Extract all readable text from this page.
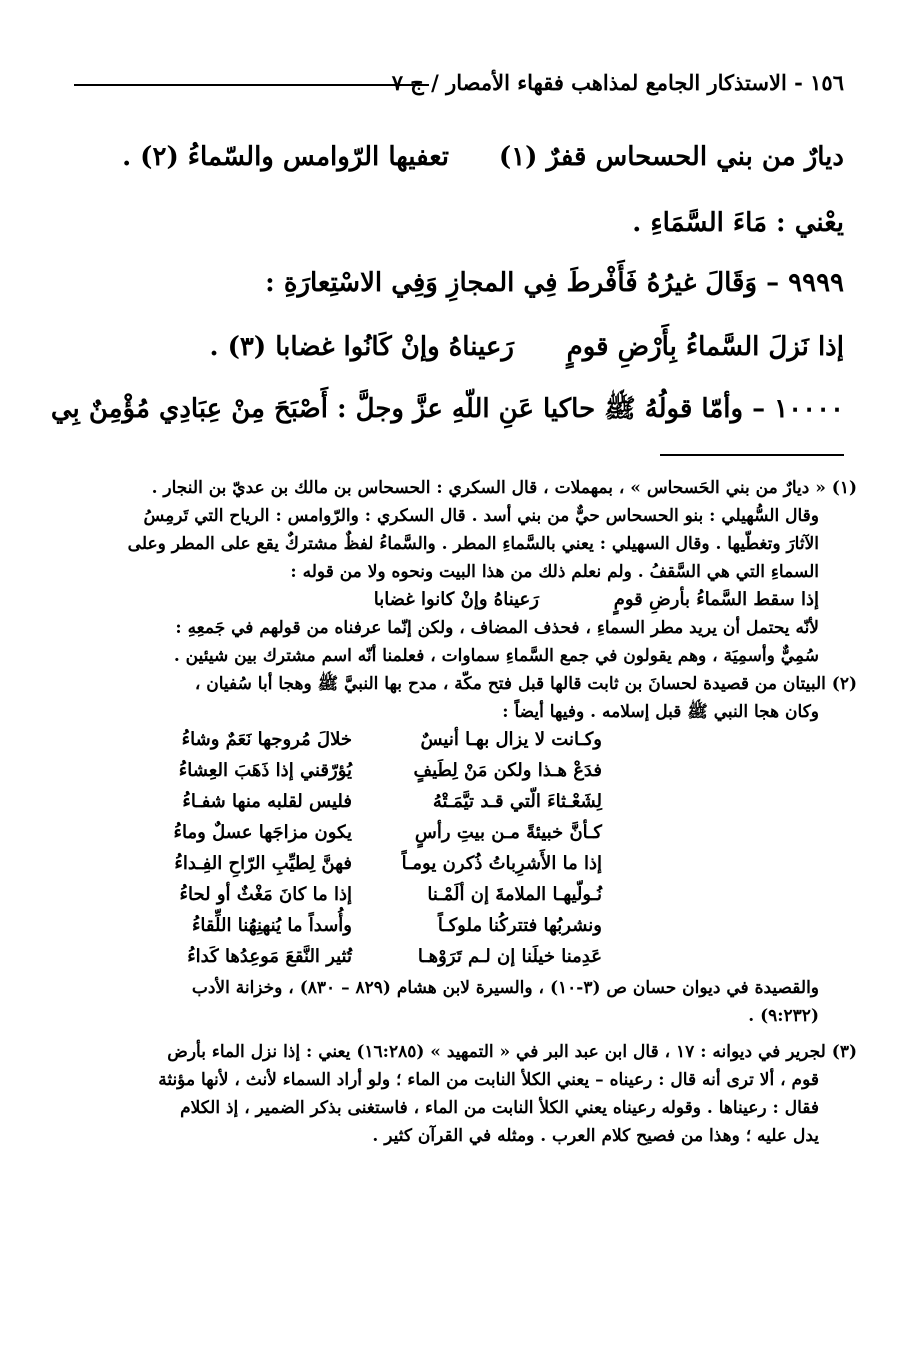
١٥٦ - الاستذكار الجامع لمذاهب فقهاء الأمصار / ج ٧
ديارٌ من بني الحسحاس قفرٌ (١)
تعفيها الرّوامس والسّماءُ (٢) .
يعْني : مَاءَ السَّمَاءِ .
٩٩٩٩ – وَقَالَ غيرُهُ فَأَفْرطَ فِي المجازِ وَفِي الاسْتِعارَةِ :
إذا نَزلَ السَّماءُ بِأَرْضِ قومٍ
رَعيناهُ وإنْ كَانُوا غضابا (٣) .
١٠٠٠٠ – وأمّا قولُهُ ﷺ حاكيا عَنِ اللّهِ عزَّ وجلَّ : أَصْبَحَ مِنْ عِبَادِي مُؤْمِنٌ بِي

(١) « ديارٌ من بني الحَسحاس » ، بمهملات ، قال السكري : الحسحاس بن مالك بن عديّ بن النجار .

وقال السُّهيلي : بنو الحسحاس حيٌّ من بني أسد . قال السكري : والرّوامس : الرياح التي تَرمِسُ

الآثارَ وتغطّيها . وقال السهيلي : يعني بالسَّماءِ المطر . والسَّماءُ لفظٌ مشتركٌ يقع على المطر وعلى

السماءِ التي هي السَّقفُ . ولم نعلم ذلك من هذا البيت ونحوه ولا من قوله :

إذا سقط السَّماءُ بأرضِ قومٍ
رَعيناهُ وإنْ كانوا غضابا

لأنّه يحتمل أن يريد مطر السماءِ ، فحذف المضاف ، ولكن إنّما عرفناه من قولهم في جَمعِهِ :

سُمِيٌّ وأسمِيَة ، وهم يقولون في جمع السَّماءِ سماوات ، فعلمنا أنّه اسم مشترك بين شيئين .

(٢) البيتان من قصيدة لحسانَ بن ثابت قالها قبل فتح مكّة ، مدح بها النبيَّ ﷺ وهجا أبا سُفيان ،

وكان هجا النبي ﷺ قبل إسلامه . وفيها أيضاً :

وكـانت لا يزال بهـا أنيسٌ
خلالَ مُروجها نَعَمٌ وشاءُ
فدَعْ هـذا ولكن مَنْ لِطَيفٍ
يُؤرّقني إذا ذَهَبَ العِشاءُ
لِشَعْـثاءَ الّتي قـد تيَّمَـتْهُ
فليس لقلبه منها شفـاءُ
كـأنَّ خبيئةً مـن بيتِ رأسٍ
يكون مزاجَها عسلٌ وماءُ
إذا ما الأَشرِباتُ ذُكرن يومـاً
فهنَّ لِطيِّبِ الرّاحِ الفِـداءُ
نُـولّيهـا الملامةَ إن ألَمْـنا
إذا ما كانَ مَغْثٌ أو لحاءُ
ونشربُها فتتركُنا ملوكـاً
وأُسداً ما يُنهنِهُنا اللِّقاءُ
عَدِمنا خيلَنا إن لـم تَرَوْهـا
تُثير النَّقعَ مَوعِدُها كَداءُ

والقصيدة في ديوان حسان ص (٣-١٠) ، والسيرة لابن هشام (٨٢٩ – ٨٣٠) ، وخزانة الأدب

(٩:٢٣٢) .

(٣) لجرير في ديوانه : ١٧ ، قال ابن عبد البر في « التمهيد » (١٦:٢٨٥) يعني : إذا نزل الماء بأرض

قوم ، ألا ترى أنه قال : رعيناه – يعني الكلأ النابت من الماء ؛ ولو أراد السماء لأنث ، لأنها مؤنثة

فقال : رعيناها . وقوله رعيناه يعني الكلأ النابت من الماء ، فاستغنى بذكر الضمير ، إذ الكلام

يدل عليه ؛ وهذا من فصيح كلام العرب . ومثله في القرآن كثير .
